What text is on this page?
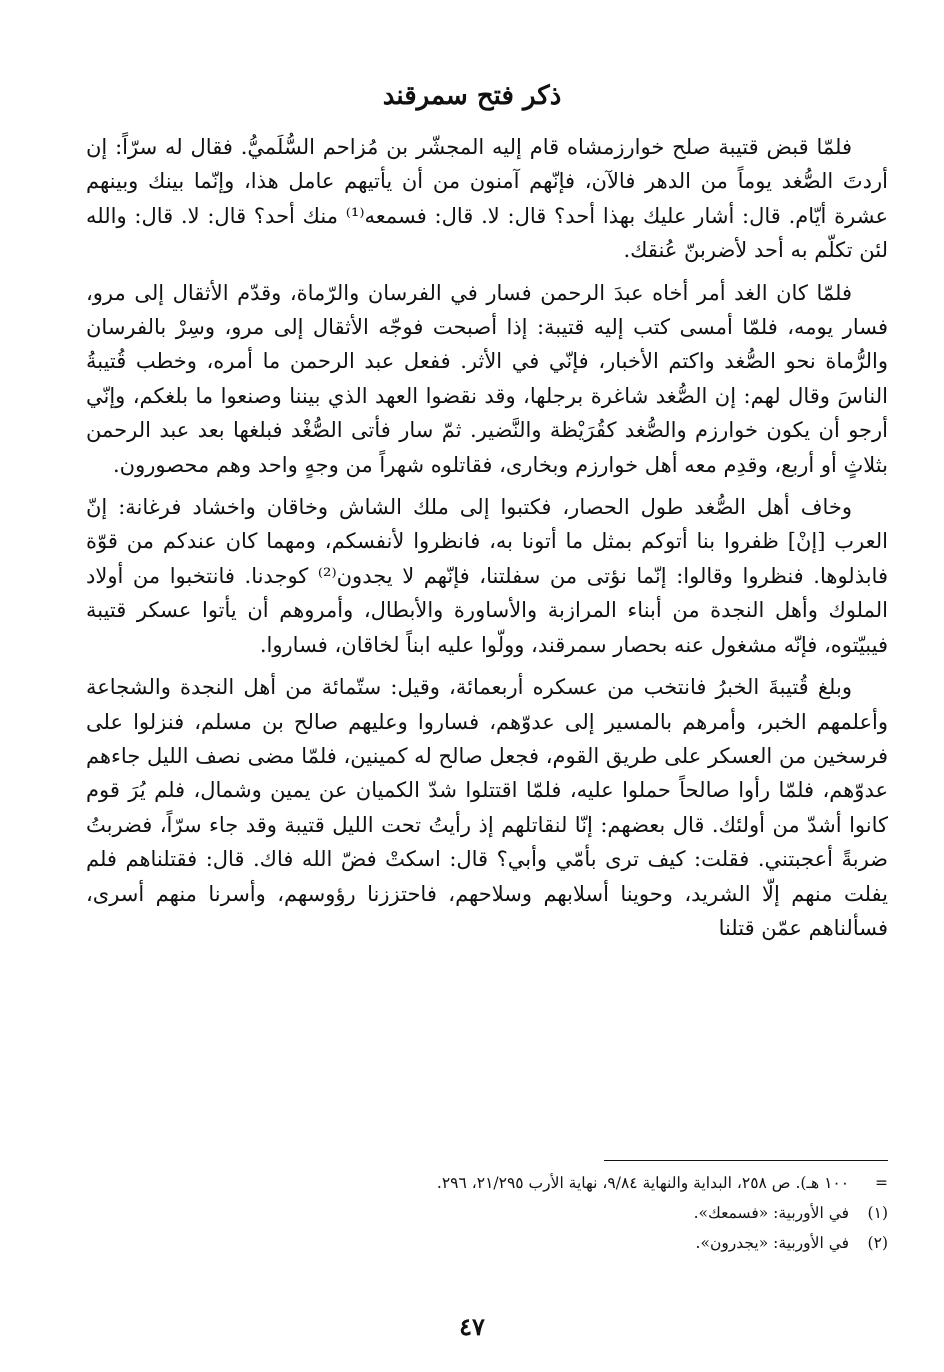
ذكر فتح سمرقند

فلمّا قبض قتيبة صلح خوارزمشاه قام إليه المجشّر بن مُزاحم السُّلَميُّ. فقال له سرّاً: إن أردتَ الصُّغد يوماً من الدهر فالآن، فإنّهم آمنون من أن يأتيهم عامل هذا، وإنّما بينك وبينهم عشرة أيّام. قال: أشار عليك بهذا أحد؟ قال: لا. قال: فسمعه⁽¹⁾ منك أحد؟ قال: لا. قال: والله لئن تكلّم به أحد لأضربنّ عُنقك.

فلمّا كان الغد أمر أخاه عبدَ الرحمن فسار في الفرسان والرّماة، وقدّم الأثقال إلى مرو، فسار يومه، فلمّا أمسى كتب إليه قتيبة: إذا أصبحت فوجّه الأثقال إلى مرو، وسِرْ بالفرسان والرُّماة نحو الصُّغد واكتم الأخبار، فإنّي في الأثر. ففعل عبد الرحمن ما أمره، وخطب قُتيبةُ الناسَ وقال لهم: إن الصُّغد شاغرة برجلها، وقد نقضوا العهد الذي بيننا وصنعوا ما بلغكم، وإنّي أرجو أن يكون خوارزم والصُّغد كقُرَيْظة والنَّضير. ثمّ سار فأتى الصُّغْد فبلغها بعد عبد الرحمن بثلاثٍ أو أربع، وقدِم معه أهل خوارزم وبخارى، فقاتلوه شهراً من وجهٍ واحد وهم محصورون.

وخاف أهل الصُّغد طول الحصار، فكتبوا إلى ملك الشاش وخاقان واخشاد فرغانة: إنّ العرب [إنْ] ظفروا بنا أتوكم بمثل ما أتونا به، فانظروا لأنفسكم، ومهما كان عندكم من قوّة فابذلوها. فنظروا وقالوا: إنّما نؤتى من سفلتنا، فإنّهم لا يجدون⁽²⁾ كوجدنا. فانتخبوا من أولاد الملوك وأهل النجدة من أبناء المرازبة والأساورة والأبطال، وأمروهم أن يأتوا عسكر قتيبة فيبيّتوه، فإنّه مشغول عنه بحصار سمرقند، وولّوا عليه ابناً لخاقان، فساروا.

وبلغ قُتيبةَ الخبرُ فانتخب من عسكره أربعمائة، وقيل: ستّمائة من أهل النجدة والشجاعة وأعلمهم الخبر، وأمرهم بالمسير إلى عدوّهم، فساروا وعليهم صالح بن مسلم، فنزلوا على فرسخين من العسكر على طريق القوم، فجعل صالح له كمينين، فلمّا مضى نصف الليل جاءهم عدوّهم، فلمّا رأوا صالحاً حملوا عليه، فلمّا اقتتلوا شدّ الكميان عن يمين وشمال، فلم يُرَ قوم كانوا أشدّ من أولئك. قال بعضهم: إنّا لنقاتلهم إذ رأيتُ تحت الليل قتيبة وقد جاء سرّاً، فضربتُ ضربةً أعجبتني. فقلت: كيف ترى بأمّي وأبي؟ قال: اسكتْ فضّ الله فاك. قال: فقتلناهم فلم يفلت منهم إلّا الشريد، وحوينا أسلابهم وسلاحهم، فاحتززنا رؤوسهم، وأسرنا منهم أسرى، فسألناهم عمّن قتلنا

= ١٠٠ هـ). ص ٢٥٨، البداية والنهاية ٩/٨٤، نهاية الأرب ٢١/٢٩٥، ٢٩٦.

(١) في الأوربية: «فسمعك».

(٢) في الأوربية: «يجدرون».

٤٧
